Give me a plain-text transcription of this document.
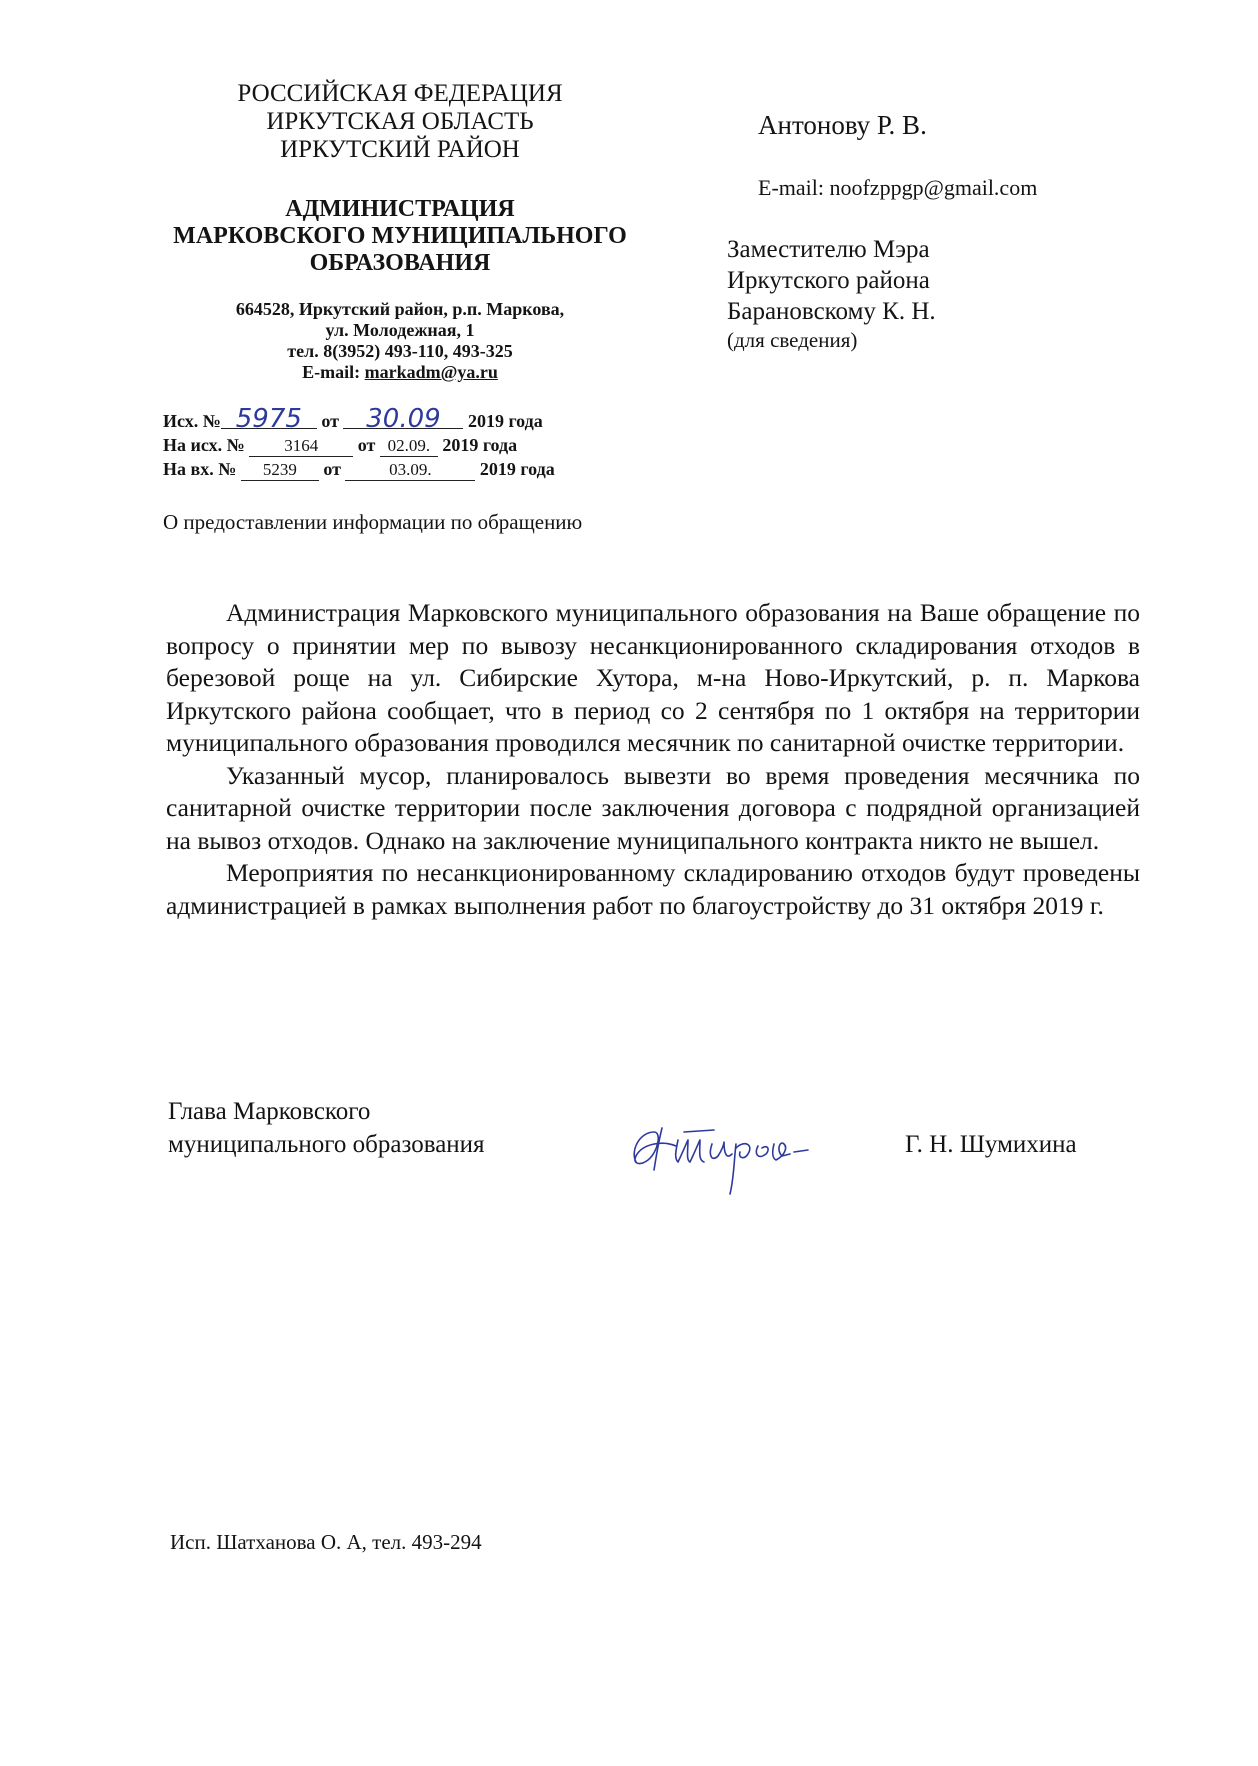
РОССИЙСКАЯ ФЕДЕРАЦИЯ
ИРКУТСКАЯ ОБЛАСТЬ
ИРКУТСКИЙ РАЙОН
АДМИНИСТРАЦИЯ
МАРКОВСКОГО МУНИЦИПАЛЬНОГО
ОБРАЗОВАНИЯ
664528, Иркутский район, р.п. Маркова,
ул. Молодежная, 1
тел. 8(3952) 493-110, 493-325
E-mail: markadm@ya.ru
Исх. № 5975 от 30.09 2019 года
На исх. № 3164 от 02.09. 2019 года
На вх. № 5239 от	03.09.	2019 года
О предоставлении информации по обращению
Антонову Р. В.
E-mail: noofzppgp@gmail.com
Заместителю Мэра
Иркутского района
Барановскому К. Н.
(для сведения)

Администрация Марковского муниципального образования на Ваше обращение по вопросу о принятии мер по вывозу несанкционированного складирования отходов в березовой роще на ул. Сибирские Хутора, м-на Ново-Иркутский, р. п. Маркова Иркутского района сообщает, что в период со 2 сентября по 1 октября на территории муниципального образования проводился месячник по санитарной очистке территории.

Указанный мусор, планировалось вывезти во время проведения месячника по санитарной очистке территории после заключения договора с подрядной организацией на вывоз отходов. Однако на заключение муниципального контракта никто не вышел.

Мероприятия по несанкционированному складированию отходов будут проведены администрацией в рамках выполнения работ по благоустройству до 31 октября 2019 г.

Глава Марковского
муниципального образования	Г. Н. Шумихина
Исп. Шатханова О. А, тел. 493-294
